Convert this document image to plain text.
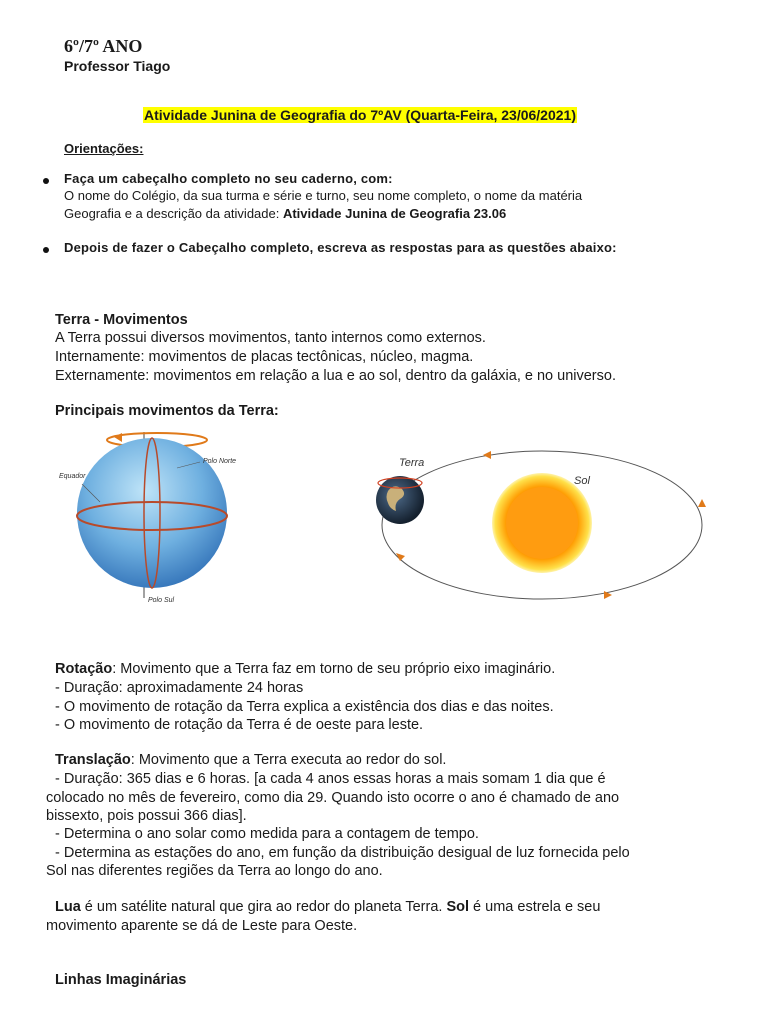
6º/7º ANO
Professor Tiago
Atividade Junina de Geografia do 7ºAV (Quarta-Feira, 23/06/2021)
Orientações:
Faça um cabeçalho completo no seu caderno, com:
O nome do Colégio, da sua turma e série e turno, seu nome completo, o nome da matéria
Geografia e a descrição da atividade: Atividade Junina de Geografia 23.06
Depois de fazer o Cabeçalho completo, escreva as respostas para as questões abaixo:
Terra - Movimentos
A Terra possui diversos movimentos, tanto internos como externos.
Internamente: movimentos de placas tectônicas, núcleo, magma.
Externamente: movimentos em relação a lua e ao sol, dentro da galáxia, e no universo.
Principais movimentos da Terra:
Equador
Polo Norte
Polo Sul
Terra
Sol
Rotação: Movimento que a Terra faz em torno de seu próprio eixo imaginário.
- Duração: aproximadamente 24 horas
- O movimento de rotação da Terra explica a existência dos dias e das noites.
- O movimento de rotação da Terra é de oeste para leste.
Translação: Movimento que a Terra executa ao redor do sol.
- Duração: 365 dias e 6 horas. [a cada 4 anos essas horas a mais somam 1 dia que é
colocado no mês de fevereiro, como dia 29. Quando isto ocorre o ano é chamado de ano
bissexto, pois possui 366 dias].
- Determina o ano solar como medida para a contagem de tempo.
- Determina as estações do ano, em função da distribuição desigual de luz fornecida pelo
Sol nas diferentes regiões da Terra ao longo do ano.
Lua é um satélite natural que gira ao redor do planeta Terra. Sol é uma estrela e seu
movimento aparente se dá de Leste para Oeste.
Linhas Imaginárias
